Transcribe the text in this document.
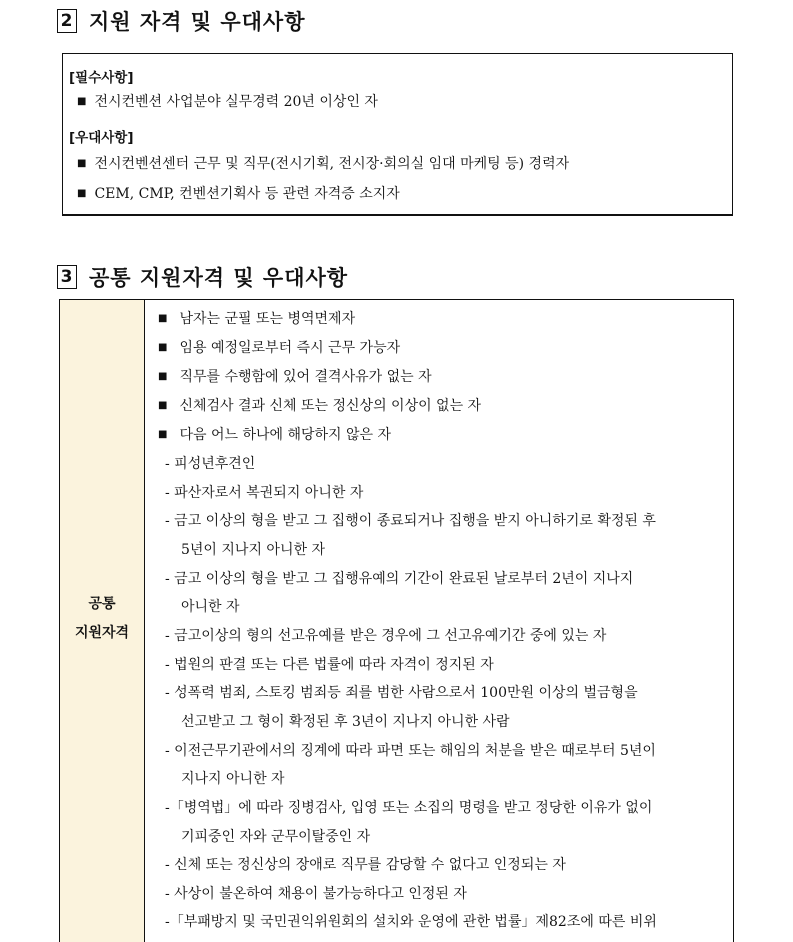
2 지원 자격 및 우대사항
[필수사항]
■ 전시컨벤션 사업분야 실무경력 20년 이상인 자
[우대사항]
■ 전시컨벤션센터 근무 및 직무(전시기획, 전시장·회의실 임대 마케팅 등) 경력자
■ CEM, CMP, 컨벤션기획사 등 관련 자격증 소지자
3 공통 지원자격 및 우대사항
공통
지원자격
■ 남자는 군필 또는 병역면제자
■ 임용 예정일로부터 즉시 근무 가능자
■ 직무를 수행함에 있어 결격사유가 없는 자
■ 신체검사 결과 신체 또는 정신상의 이상이 없는 자
■ 다음 어느 하나에 해당하지 않은 자
- 피성년후견인
- 파산자로서 복권되지 아니한 자
- 금고 이상의 형을 받고 그 집행이 종료되거나 집행을 받지 아니하기로 확정된 후
5년이 지나지 아니한 자
- 금고 이상의 형을 받고 그 집행유예의 기간이 완료된 날로부터 2년이 지나지
아니한 자
- 금고이상의 형의 선고유예를 받은 경우에 그 선고유예기간 중에 있는 자
- 법원의 판결 또는 다른 법률에 따라 자격이 정지된 자
- 성폭력 범죄, 스토킹 범죄등 죄를 범한 사람으로서 100만원 이상의 벌금형을
선고받고 그 형이 확정된 후 3년이 지나지 아니한 사람
- 이전근무기관에서의 징계에 따라 파면 또는 해임의 처분을 받은 때로부터 5년이
지나지 아니한 자
-「병역법」에 따라 징병검사, 입영 또는 소집의 명령을 받고 정당한 이유가 없이
기피중인 자와 군무이탈중인 자
- 신체 또는 정신상의 장애로 직무를 감당할 수 없다고 인정되는 자
- 사상이 불온하여 채용이 불가능하다고 인정된 자
-「부패방지 및 국민권익위원회의 설치와 운영에 관한 법률」제82조에 따른 비위
